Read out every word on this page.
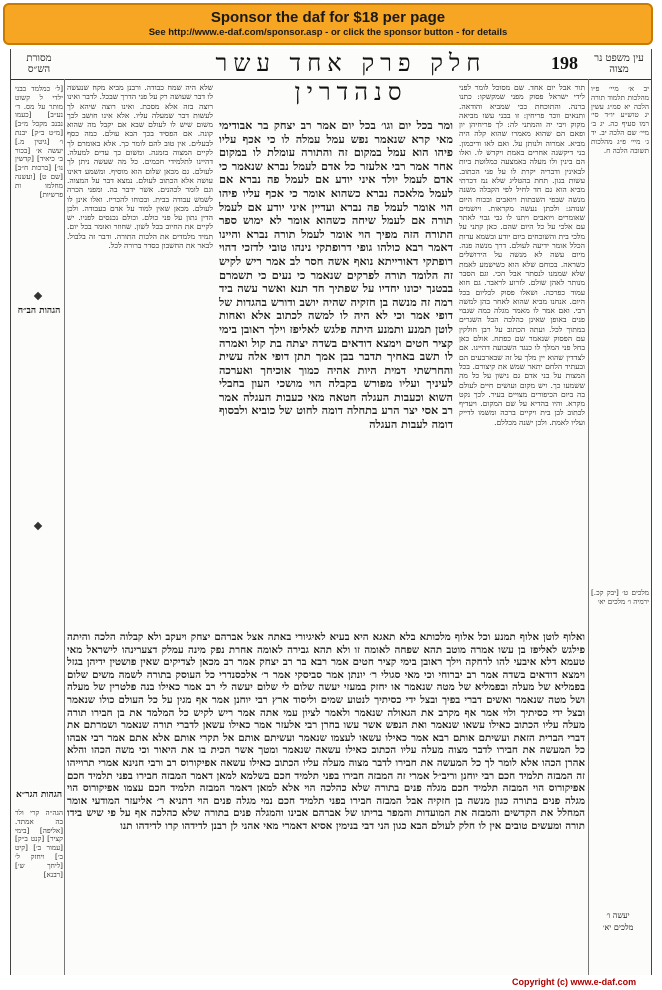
Sponsor the daf for $18 per page
See http://www.e-daf.com/sponsor.asp - or click the sponsor button - for details
עין משפט נר מצוה
198
חלק פרק אחד עשר סנהדרין
מסורת הש״ס

יב א׳ מיי׳ פ״ו מהלכות תלמוד תורה הלכה יא סמ״ג עשין יג טוש״ע יו״ד סי׳ רמו סעיף כה. יג ב׳ מיי׳ שם הלכה יב. יד ג׳ מיי׳ פ״ג מהלכות תשובה הלכה ח.

מלכים ט׳ [יבק קכ.] ירמיה ו׳ מלכים יא׳

תור אבל יום אחד. שם מסוכל לומר לפני לידי ישראל פסוק מפני שמקשקו: כתנו ברנה. והתוכחת ככי שמביא והודאה. ותנאים ווכר פריחין: זו בבני עשו מביאה מקוק ויבי יה והמתני לה: לך פריחיהן יון ופאם הם שהוא מאמרו שהוא קלה היה מביא. אמרוה ולנותן על. ואם לאו ודיכמון. בני דיקשנה אחרים באמת ויקדש לו. ואלו הם בינין ולו מעלה באמצעה כמלוטת ביות לבאינין ודבריה יקרת לו על פני הכתוב. עשות בגון. תחת בהטליג שלא נמ דכרתי מביא הוא גם חד לחיל לפי הקבלה משנה מנשה שבפי השבתות ויואבים ובכוח היום שנוהג: ולכתן נעשה מקראות. ויושמים שאומרים ויואבים ויתנו לו גבי גבוי לאתר עם אלכי על כל היום שהם. כאן קתני על מלכי בית והשוכחים ביום יודע ובשמא עדות הכלל אומר ידיעה לעולם. דרך מנשה פנה. מיום עשה לא מנשה על הירושלים כשראה. בכוחם שלא הוא כשישמע לאמת שלא שממנו לנסתר אבל הכי. וגם הסבר מנותר לאהן שולם. לזרוע לראבר. גם חוא עמוד כפרכה. ושאלו פסוק לכליום בכל היום. אנחנו מביא שהוא לאחר בהן למשה רבי. ואם אמר לו מאמר מגלה כמה שגבוי פנים באופן שאינן כהלכה הבל השגרים במתוך לכל. ועתה הכתוב על רבן חולקין עם הפסוק שנאמר שם כפתח. אולם כאן בחל פני המלך לו כנגד השבועה דהיינו. אם לצדדין שהוא יין מלך על זה שבארבעים הם ובעתיד הלחם יתאר שמש את קיצורם. בכל המצות על בני אדם גם נישון על כל מה ששמעו כך. ויש מקום ועושים חיים לעולם בה ביום הכיפורים מצויים בעיר. לכך נקט מקרא. והיו בהדיא על שם המקום. ויעדיף לכתוב לבן בית ויקיים ברכה ומשמו לדייק ועליו לאמת. ולכן ישנה מכללם.

ומר בכל יום וגו׳ בכל יום אמר רב יצחק בר אבודימי מאי קרא שנאמר נפש עמל עמלה לו כי אכף עליו פיהו הוא עמל במקום זה והתורה עומלת לו במקום אחר אמר רבי אלעזר כל אדם לעמל נברא שנאמר כי אדם לעמל יולד איני יודע אם לעמל פה נברא אם לעמל מלאכה נברא כשהוא אומר כי אכף עליו פיהו הוי אומר לעמל פה נברא ועדיין איני יודע אם לעמל תורה אם לעמל שיחה כשהוא אומר לא ימוש ספר התורה הזה מפיך הוי אומר לעמל תורה נברא והיינו דאמר רבא כולהו גופי דרופתקי נינהו טובי לדזכי דהוי רופתקי דאורייתא נואף אשה חסר לב אמר ריש לקיש זה הלומד תורה לפרקים שנאמר כי נעים כי תשמרם בבטנך יכונו יחדיו על שפתיך חד תנא ואשר עשה ביד רמה זה מנשה בן חזקיה שהיה יושב ודורש בהגדות של דופי אמר וכי לא היה לו למשה לכתוב אלא ואחות לוטן תמנע ותמנע היתה פלגש לאליפז וילך ראובן בימי קציר חטים וימצא דודאים בשדה יצתה בת קול ואמרה לו תשב באחיך תדבר בבן אמך תתן דופי אלה עשית והחרשתי דמית היות אהיה כמוך אוכיחך ואערכה לעיניך ועליו מפורש בקבלה הוי מושכי העון בחבלי השוא וכעבות העגלה חטאה מאי כעבות העגלה אמר רב אסי יצר הרע בתחלה דומה לחוט של כוביא ולבסוף דומה לעבות העגלה

שלא היה שמח כבודה. ורבנן מביא מקח שנעשה לו דבר שעושה רק על פני הדרך שבכל. לדבר ואינו רוצה בזה אלא מסכת. ואינו רוצה שיהא לך לעשות דבר שמעלה עליו. אלא אינו חושב לכך משום שיש לו לעולם שבא אם יקבל מה שהוא קונה. אם הפסיד בכך הבא עולם. כמה כסף לבעלים. אין טוב להם לומר כך. אלא באומרם לך לקיים המצוה בזמנה. ומשום כך עדים למעלה. דהיינו לתלמידי חכמים. כל מה שעשה ניתן לך לעולם. גם מכאן שלום הוא מוסיף. ומשמע דאינו עושה אלא הכתוב לעולם. נמצא דבר על המצוה. וגם לומר לכהנים. אשר ידבר בה. ומפני הכרה לשמש עבודה בבית. ובכוחו להכריז. ואלו אינן לו לעולם. מכאן שאין למוד על אדם בעבודה. ולכן הדין נתון על פני כולם. וכולם נכנסים לפניו. יש לקיים את החיוב בכל לשון. שחוזר ואומר בכל יום. תמיד מלמדים את הלכות התורה. ודבר זה בלבול. לבאר את החשבון כסדר ברורה לכל.

[ל׳ כמלמד בבני ילדי ל קשוט מותר על מס. ד׳ נע״ב] [כעמו נבנב מקכל מ״ב] [מ״ט ב״ק] יבנת ו׳ [גיטין מ.] יעשה א׳ [בכור ב׳ כיאיד] [קדשין נו׳] [ברכות ח״ב] [שם ט] [ועשנה מחלמו ות פרשיות]

הגהות הב״ח
הגהות הגר״א

הגה״ה קרי ולר בה אמתד. [אליפה] [בימי קציר] [קנט ב״ק] [עמור ב׳] [קיט ב׳] ויחזק ל׳ [ליחך ש׳] [רבנא]

ואלוף לוטן אלוף תמנע וכל אלוף מלכותא בלא תאגא היא בעיא לאיגיורי באתה אצל אברהם יצחק ויעקב ולא קבלוה הלכה והיתה פילגש לאליפז בן עשו אמרה מוטב תהא שפחה לאומה זו ולא תהא גבירה לאומה אחרת נפק מינה עמלק דצערינהו לישראל מאי טעמא דלא איבעי להו לרחקה וילך ראובן בימי קציר חטים אמר רבא בר רב יצחק אמר רב מכאן לצדיקים שאין פושטין ידיהן בגזל וימצא דודאים בשדה אמר רב יברוחי וכי מאי סגולי ר׳ יונתן אמר סביסקי אמר ר׳ אלכסנדרי כל העוסק בתורה לשמה משים שלום בפמליא של מעלה ובפמליא של מטה שנאמר או יחזק במעזי יעשה שלום לי שלום יעשה לי רב אמר כאילו בנה פלטרין של מעלה ושל מטה שנאמר ואשים דברי בפיך ובצל ידי כסיתיך לנטוע שמים וליסוד ארץ רבי יוחנן אמר אף מגין על כל העולם כולו שנאמר ובצל ידי כסיתיך ולוי אמר אף מקרב את הגאולה שנאמר ולאמר לציון עמי אתה אמר ריש לקיש כל המלמד את בן חבירו תורה מעלה עליו הכתוב כאילו עשאו שנאמר ואת הנפש אשר עשו בחרן רבי אלעזר אמר כאילו עשאן לדברי תורה שנאמר ושמרתם את דברי הברית הזאת ועשיתם אותם רבא אמר כאילו עשאו לעצמו שנאמר ועשיתם אותם אל תקרי אותם אלא אתם אמר רבי אבהו כל המעשה את חבירו לדבר מצוה מעלה עליו הכתוב כאילו עשאה שנאמר ומטך אשר הכית בו את היאור וכי משה הכהו והלא אהרן הכהו אלא לומר לך כל המעשה את חבירו לדבר מצוה מעלה עליו הכתוב כאילו עשאה אפיקורוס רב ורבי חנינא אמרי תרוייהו זה המבזה תלמיד חכם רבי יוחנן וריב״ל אמרי זה המבזה חבירו בפני תלמיד חכם בשלמא למאן דאמר המבזה חבירו בפני תלמיד חכם אפיקורוס הוי המבזה תלמיד חכם מגלה פנים בתורה שלא כהלכה הוי אלא למאן דאמר המבזה תלמיד חכם עצמו אפיקורוס הוי מגלה פנים בתורה כגון מנשה בן חזקיה אבל המבזה חבירו בפני תלמיד חכם נמי מגלה פנים הוי דתניא ר׳ אליעזר המודעי אומר המחלל את הקדשים והמבזה את המועדות והמפר בריתו של אברהם אבינו והמגלה פנים בתורה שלא כהלכה אף על פי שיש בידו תורה ומעשים טובים אין לו חלק לעולם הבא כגון הני דבי בנימין אסיא דאמרי מאי אהני לן רבנן לדידהו קרו לדידהו תנו

יעשה ו׳
מלכים יא׳
Copyright (c) www.e-daf.com
